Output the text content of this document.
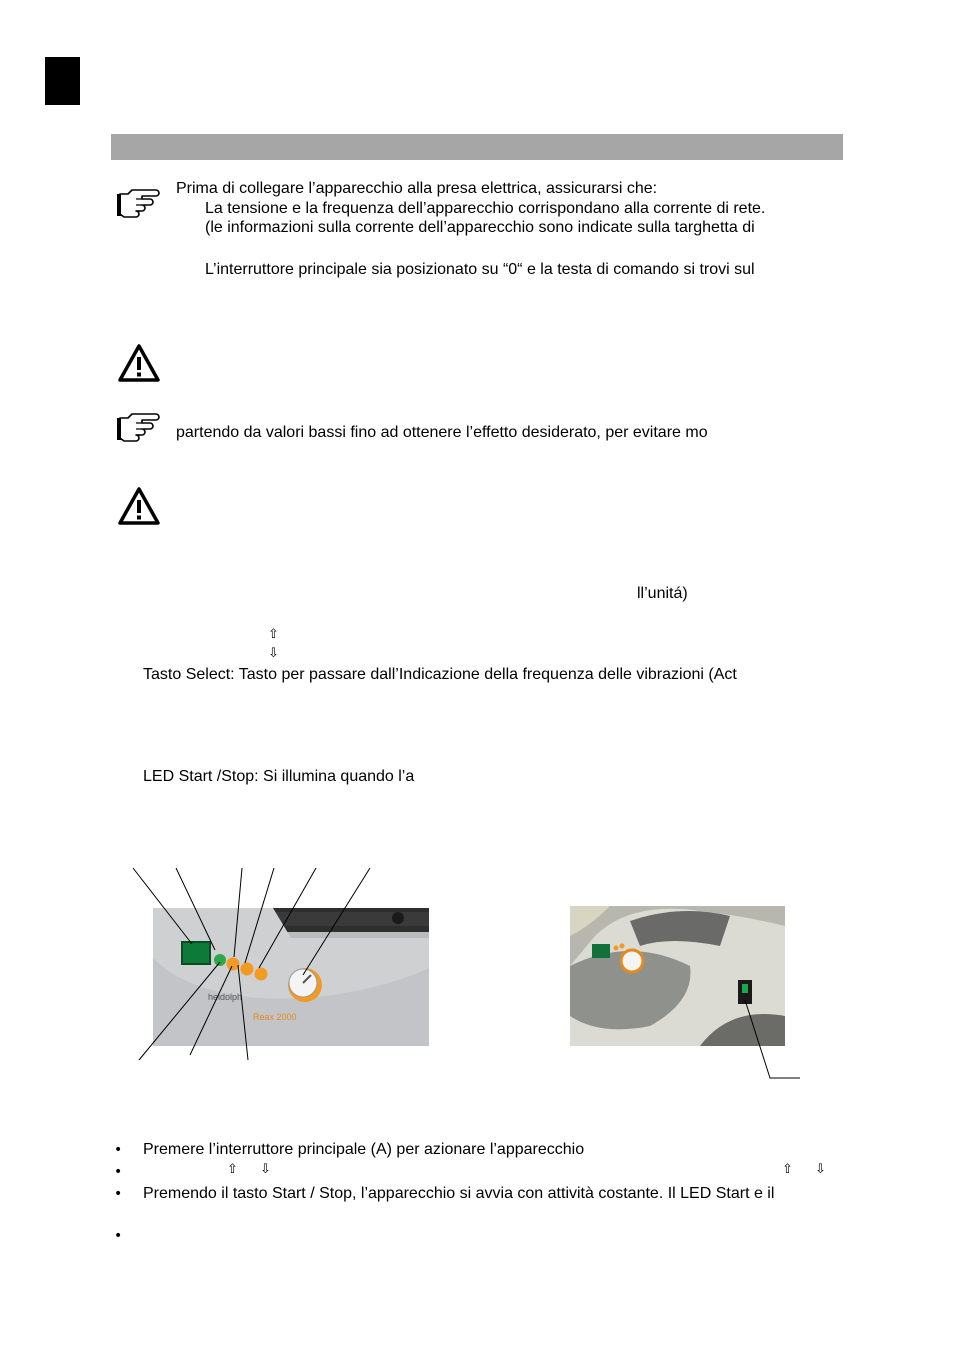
Prima di collegare l’apparecchio alla presa elettrica, assicurarsi che:
La tensione e la frequenza dell’apparecchio corrispondano alla corrente di rete.
(le informazioni sulla corrente dell’apparecchio sono indicate sulla targhetta di
L’interruttore principale sia posizionato su “0“ e la testa di comando si trovi sul
partendo da valori bassi fino ad ottenere l’effetto desiderato, per evitare mo
ll’unitá)
⇧
⇩
Tasto Select: Tasto per passare dall’Indicazione della frequenza delle vibrazioni (Act
LED Start /Stop: Si illumina quando l’a
heidolph
Reax 2000
• Premere l’interruttore principale (A) per azionare l’apparecchio
•	⇧ ⇩	⇧ ⇩
• Premendo il tasto Start / Stop, l’apparecchio si avvia con attività costante. Il LED Start e il
•
